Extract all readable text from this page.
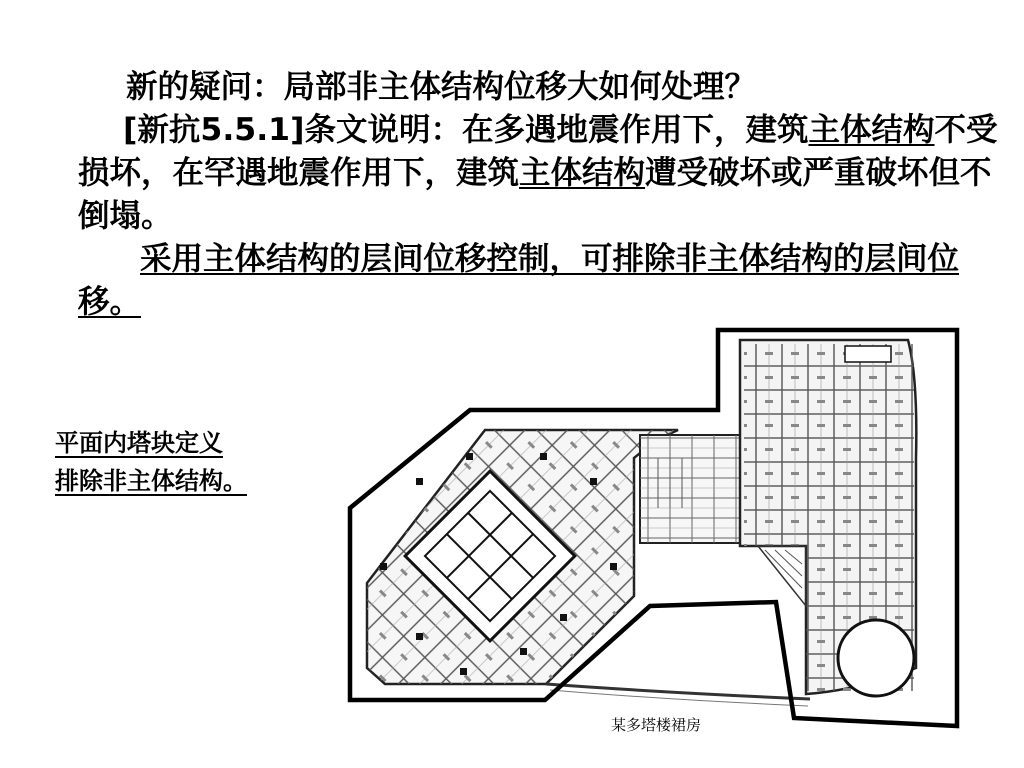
新的疑问：局部非主体结构位移大如何处理？
[新抗5.5.1]条文说明：在多遇地震作用下，建筑主体结构不受损坏，在罕遇地震作用下，建筑主体结构遭受破坏或严重破坏但不倒塌。
采用主体结构的层间位移控制，可排除非主体结构的层间位移。
平面内塔块定义
排除非主体结构。
某多塔楼裙房
